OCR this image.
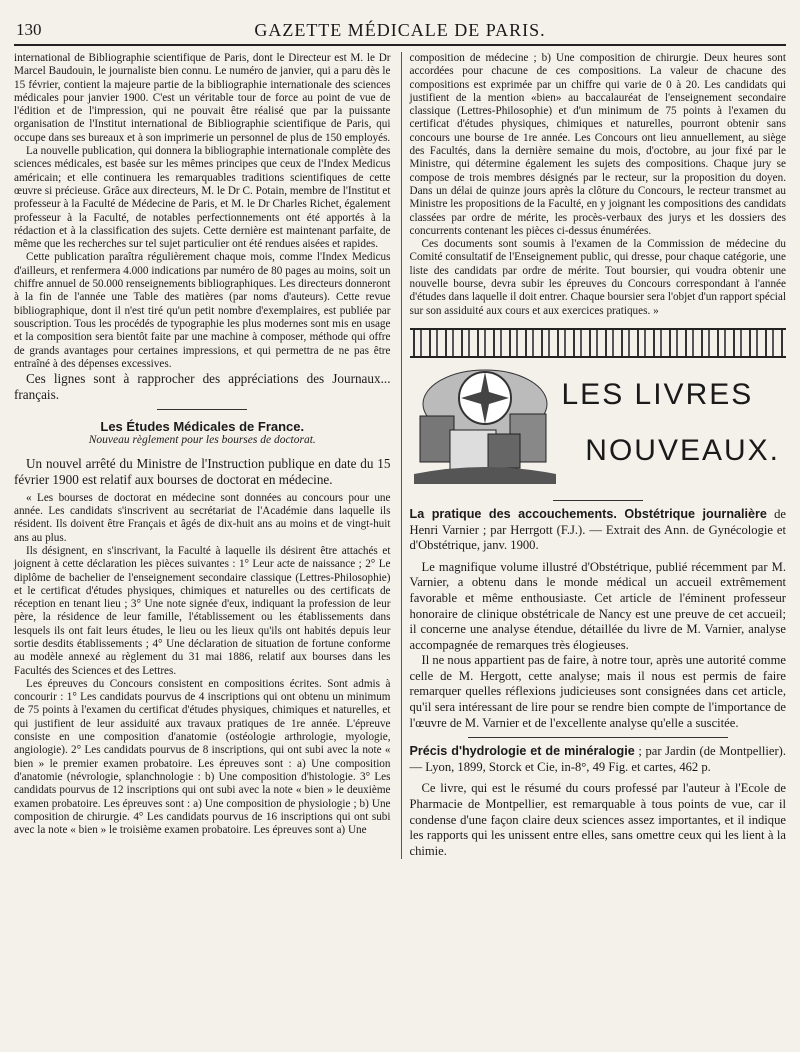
130	GAZETTE MÉDICALE DE PARIS.

international de Bibliographie scientifique de Paris, dont le Directeur est M. le Dr Marcel Baudouin, le journaliste bien connu. Le numéro de janvier, qui a paru dès le 15 février, contient la majeure partie de la bibliographie internationale des sciences médicales pour janvier 1900. C'est un véritable tour de force au point de vue de l'édition et de l'impression, qui ne pouvait être réalisé que par la puissante organisation de l'Institut international de Bibliographie scientifique de Paris, qui occupe dans ses bureaux et à son imprimerie un personnel de plus de 150 employés.

La nouvelle publication, qui donnera la bibliographie internationale complète des sciences médicales, est basée sur les mêmes principes que ceux de l'Index Medicus américain; et elle continuera les remarquables traditions scientifiques de cette œuvre si précieuse. Grâce aux directeurs, M. le Dr C. Potain, membre de l'Institut et professeur à la Faculté de Médecine de Paris, et M. le Dr Charles Richet, également professeur à la Faculté, de notables perfectionnements ont été apportés à la rédaction et à la classification des sujets. Cette dernière est maintenant parfaite, de même que les recherches sur tel sujet particulier ont été rendues aisées et rapides.

Cette publication paraîtra régulièrement chaque mois, comme l'Index Medicus d'ailleurs, et renfermera 4.000 indications par numéro de 80 pages au moins, soit un chiffre annuel de 50.000 renseignements bibliographiques. Les directeurs donneront à la fin de l'année une Table des matières (par noms d'auteurs). Cette revue bibliographique, dont il n'est tiré qu'un petit nombre d'exemplaires, est publiée par souscription. Tous les procédés de typographie les plus modernes sont mis en usage et la composition sera bientôt faite par une machine à composer, méthode qui offre de grands avantages pour certaines impressions, et qui permettra de ne pas être entraîné à des dépenses excessives.

Ces lignes sont à rapprocher des appréciations des Journaux... français.

Les Études Médicales de France.
Nouveau règlement pour les bourses de doctorat.

Un nouvel arrêté du Ministre de l'Instruction publique en date du 15 février 1900 est relatif aux bourses de doctorat en médecine.

« Les bourses de doctorat en médecine sont données au concours pour une année. Les candidats s'inscrivent au secrétariat de l'Académie dans laquelle ils résident. Ils doivent être Français et âgés de dix-huit ans au moins et de vingt-huit ans au plus.

Ils désignent, en s'inscrivant, la Faculté à laquelle ils désirent être attachés et joignent à cette déclaration les pièces suivantes : 1° Leur acte de naissance ; 2° Le diplôme de bachelier de l'enseignement secondaire classique (Lettres-Philosophie) et le certificat d'études physiques, chimiques et naturelles ou des certificats de réception en tenant lieu ; 3° Une note signée d'eux, indiquant la profession de leur père, la résidence de leur famille, l'établissement ou les établissements dans lesquels ils ont fait leurs études, le lieu ou les lieux qu'ils ont habités depuis leur sortie desdits établissements ; 4° Une déclaration de situation de fortune conforme au modèle annexé au règlement du 31 mai 1886, relatif aux bourses dans les Facultés des Sciences et des Lettres.

Les épreuves du Concours consistent en compositions écrites. Sont admis à concourir : 1° Les candidats pourvus de 4 inscriptions qui ont obtenu un minimum de 75 points à l'examen du certificat d'études physiques, chimiques et naturelles, et qui justifient de leur assiduité aux travaux pratiques de 1re année. L'épreuve consiste en une composition d'anatomie (ostéologie arthrologie, myologie, angiologie). 2° Les candidats pourvus de 8 inscriptions, qui ont subi avec la note « bien » le premier examen probatoire. Les épreuves sont : a) Une composition d'anatomie (névrologie, splanchnologie : b) Une composition d'histologie. 3° Les candidats pourvus de 12 inscriptions qui ont subi avec la note « bien » le deuxième examen probatoire. Les épreuves sont : a) Une composition de physiologie ; b) Une composition de chirurgie. 4° Les candidats pourvus de 16 inscriptions qui ont subi avec la note « bien » le troisième examen probatoire. Les épreuves sont a) Une

composition de médecine ; b) Une composition de chirurgie. Deux heures sont accordées pour chacune de ces compositions. La valeur de chacune des compositions est exprimée par un chiffre qui varie de 0 à 20. Les candidats qui justifient de la mention «bien» au baccalauréat de l'enseignement secondaire classique (Lettres-Philosophie) et d'un minimum de 75 points à l'examen du certificat d'études physiques, chimiques et naturelles, pourront obtenir sans concours une bourse de 1re année. Les Concours ont lieu annuellement, au siège des Facultés, dans la dernière semaine du mois, d'octobre, au jour fixé par le Ministre, qui détermine également les sujets des compositions. Chaque jury se compose de trois membres désignés par le recteur, sur la proposition du doyen. Dans un délai de quinze jours après la clôture du Concours, le recteur transmet au Ministre les propositions de la Faculté, en y joignant les compositions des candidats classées par ordre de mérite, les procès-verbaux des jurys et les dossiers des concurrents contenant les pièces ci-dessus énumérées.

Ces documents sont soumis à l'examen de la Commission de médecine du Comité consultatif de l'Enseignement public, qui dresse, pour chaque catégorie, une liste des candidats par ordre de mérite. Tout boursier, qui voudra obtenir une nouvelle bourse, devra subir les épreuves du Concours correspondant à l'année d'études dans laquelle il doit entrer. Chaque boursier sera l'objet d'un rapport spécial sur son assiduité aux cours et aux exercices pratiques. »

LES LIVRES
NOUVEAUX.

La pratique des accouchements. Obstétrique journalière de Henri Varnier ; par Herrgott (F.J.). — Extrait des Ann. de Gynécologie et d'Obstétrique, janv. 1900.

Le magnifique volume illustré d'Obstétrique, publié récemment par M. Varnier, a obtenu dans le monde médical un accueil extrêmement favorable et même enthousiaste. Cet article de l'éminent professeur honoraire de clinique obstétricale de Nancy est une preuve de cet accueil; il concerne une analyse étendue, détaillée du livre de M. Varnier, analyse accompagnée de remarques très élogieuses.

Il ne nous appartient pas de faire, à notre tour, après une autorité comme celle de M. Hergott, cette analyse; mais il nous est permis de faire remarquer quelles réflexions judicieuses sont consignées dans cet article, qu'il sera intéressant de lire pour se rendre bien compte de l'importance de l'œuvre de M. Varnier et de l'excellente analyse qu'elle a suscitée.

Précis d'hydrologie et de minéralogie ; par Jardin (de Montpellier). — Lyon, 1899, Storck et Cie, in-8°, 49 Fig. et cartes, 462 p.

Ce livre, qui est le résumé du cours professé par l'auteur à l'Ecole de Pharmacie de Montpellier, est remarquable à tous points de vue, car il condense d'une façon claire deux sciences assez importantes, et il indique les rapports qui les unissent entre elles, sans omettre ceux qui les lient à la chimie.
